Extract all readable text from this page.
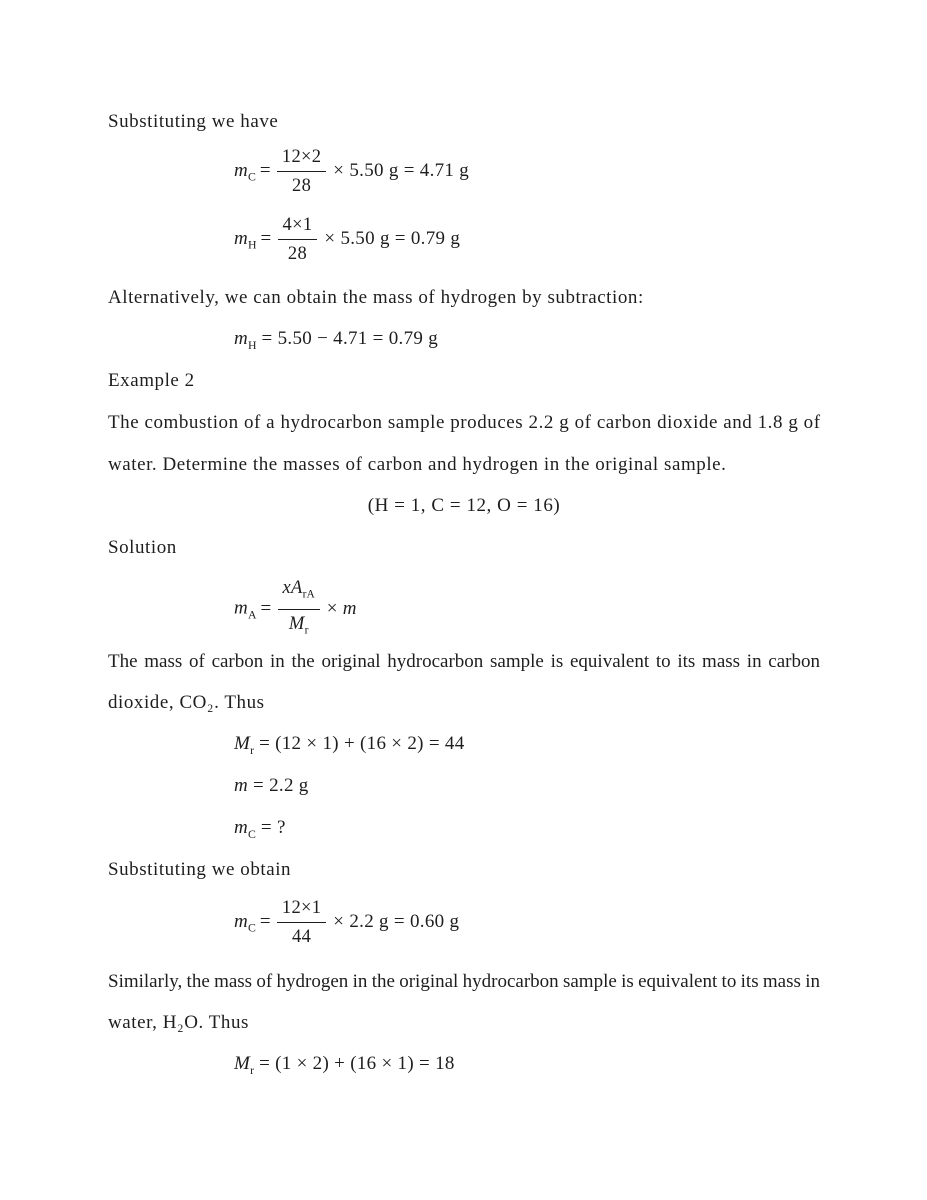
Substituting we have
$m_C = \frac{12\times 2}{28} \times 5.50$ g = 4.71 g
$m_H = \frac{4\times 1}{28} \times 5.50$ g = 0.79 g
Alternatively, we can obtain the mass of hydrogen by subtraction:
$m_H = 5.50 - 4.71 = 0.79$ g
Example 2
The combustion of a hydrocarbon sample produces 2.2 g of carbon dioxide and 1.8 g of
water. Determine the masses of carbon and hydrogen in the original sample.
(H = 1, C = 12, O = 16)
Solution
$m_A = \frac{xA_{rA}}{M_r} \times m$
The mass of carbon in the original hydrocarbon sample is equivalent to its mass in carbon
dioxide, CO₂. Thus
$M_r = (12 \times 1) + (16 \times 2) = 44$
m = 2.2 g
$m_C$ = ?
Substituting we obtain
$m_C = \frac{12\times 1}{44} \times 2.2$ g = 0.60 g
Similarly, the mass of hydrogen in the original hydrocarbon sample is equivalent to its mass in
water, H₂O. Thus
$M_r = (1 \times 2) + (16 \times 1) = 18$
